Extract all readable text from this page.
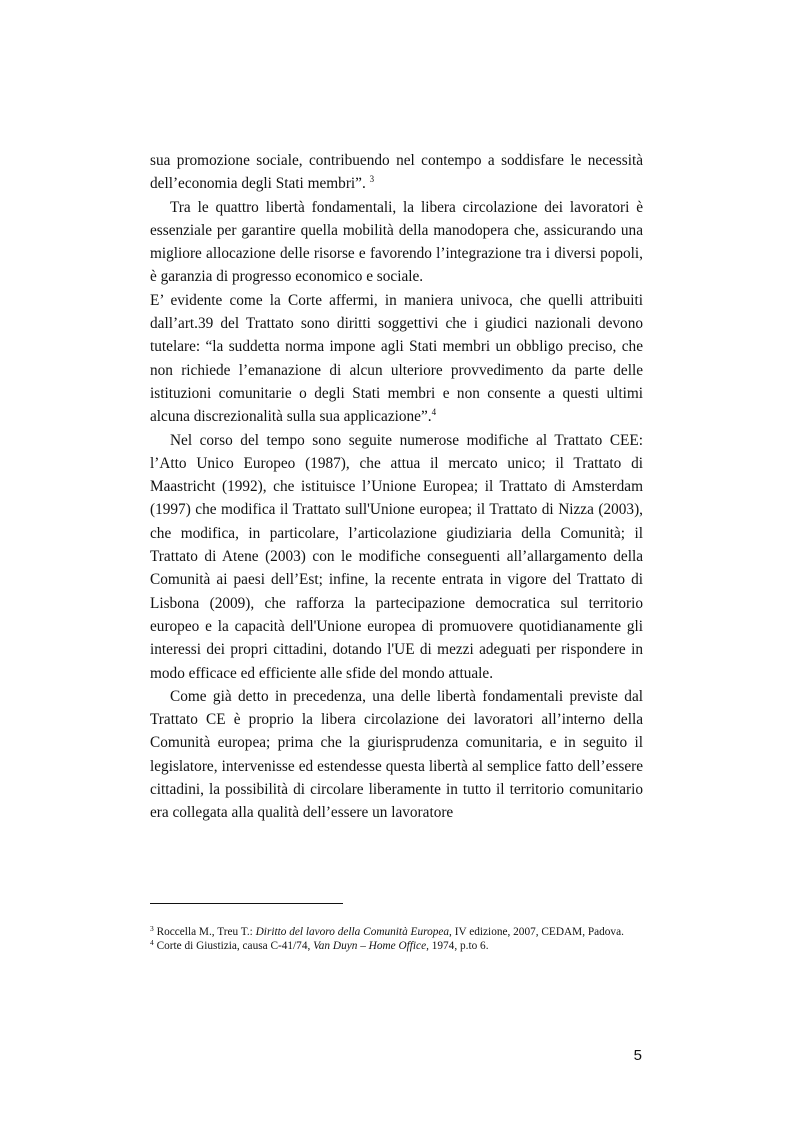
sua promozione sociale, contribuendo nel contempo a soddisfare le necessità dell’economia degli Stati membri”. $^3$

Tra le quattro libertà fondamentali, la libera circolazione dei lavoratori è essenziale per garantire quella mobilità della manodopera che, assicurando una migliore allocazione delle risorse e favorendo l’integrazione tra i diversi popoli, è garanzia di progresso economico e sociale.

E’ evidente come la Corte affermi, in maniera univoca, che quelli attribuiti dall’art.39 del Trattato sono diritti soggettivi che i giudici nazionali devono tutelare: “la suddetta norma impone agli Stati membri un obbligo preciso, che non richiede l’emanazione di alcun ulteriore provvedimento da parte delle istituzioni comunitarie o degli Stati membri e non consente a questi ultimi alcuna discrezionalità sulla sua applicazione”.$^4$

Nel corso del tempo sono seguite numerose modifiche al Trattato CEE: l’Atto Unico Europeo (1987), che attua il mercato unico; il Trattato di Maastricht (1992), che istituisce l’Unione Europea; il Trattato di Amsterdam (1997) che modifica il Trattato sull'Unione europea; il Trattato di Nizza (2003), che modifica, in particolare, l’articolazione giudiziaria della Comunità; il Trattato di Atene (2003) con le modifiche conseguenti all’allargamento della Comunità ai paesi dell’Est; infine, la recente entrata in vigore del Trattato di Lisbona (2009), che rafforza la partecipazione democratica sul territorio europeo e la capacità dell'Unione europea di promuovere quotidianamente gli interessi dei propri cittadini, dotando l'UE di mezzi adeguati per rispondere in modo efficace ed efficiente alle sfide del mondo attuale.

Come già detto in precedenza, una delle libertà fondamentali previste dal Trattato CE è proprio la libera circolazione dei lavoratori all’interno della Comunità europea; prima che la giurisprudenza comunitaria, e in seguito il legislatore, intervenisse ed estendesse questa libertà al semplice fatto dell’essere cittadini, la possibilità di circolare liberamente in tutto il territorio comunitario era collegata alla qualità dell’essere un lavoratore

$^3$ Roccella M., Treu T.: Diritto del lavoro della Comunità Europea, IV edizione, 2007, CEDAM, Padova.

$^4$ Corte di Giustizia, causa C-41/74, Van Duyn – Home Office, 1974, p.to 6.

5
